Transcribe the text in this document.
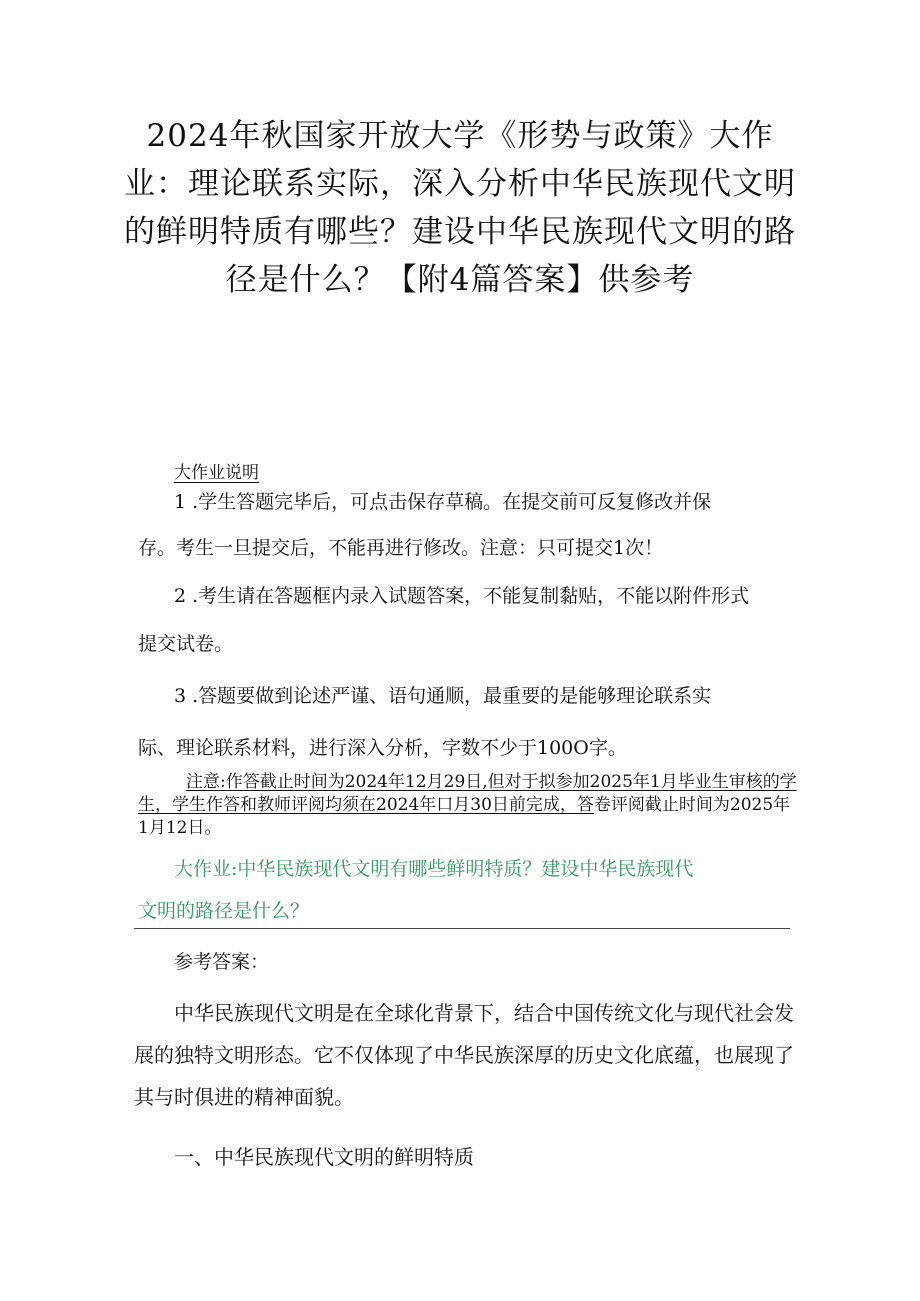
2024年秋国家开放大学《形势与政策》大作业：理论联系实际，深入分析中华民族现代文明的鲜明特质有哪些？建设中华民族现代文明的路径是什么？【附4篇答案】供参考
大作业说明
1 .学生答题完毕后，可点击保存草稿。在提交前可反复修改并保
存。考生一旦提交后，不能再进行修改。注意：只可提交1次！
2 .考生请在答题框内录入试题答案，不能复制黏贴，不能以附件形式
提交试卷。
3 .答题要做到论述严谨、语句通顺，最重要的是能够理论联系实
际、理论联系材料，进行深入分析，字数不少于100O字。
注意:作答截止时间为2024年12月29日,但对于拟参加2025年1月毕业生审核的学生，学生作答和教师评阅均须在2024年口月30日前完成，答卷评阅截止时间为2025年1月12日。
大作业:中华民族现代文明有哪些鲜明特质？建设中华民族现代
文明的路径是什么？
参考答案：
中华民族现代文明是在全球化背景下，结合中国传统文化与现代社会发展的独特文明形态。它不仅体现了中华民族深厚的历史文化底蕴，也展现了其与时俱进的精神面貌。
一、中华民族现代文明的鲜明特质
